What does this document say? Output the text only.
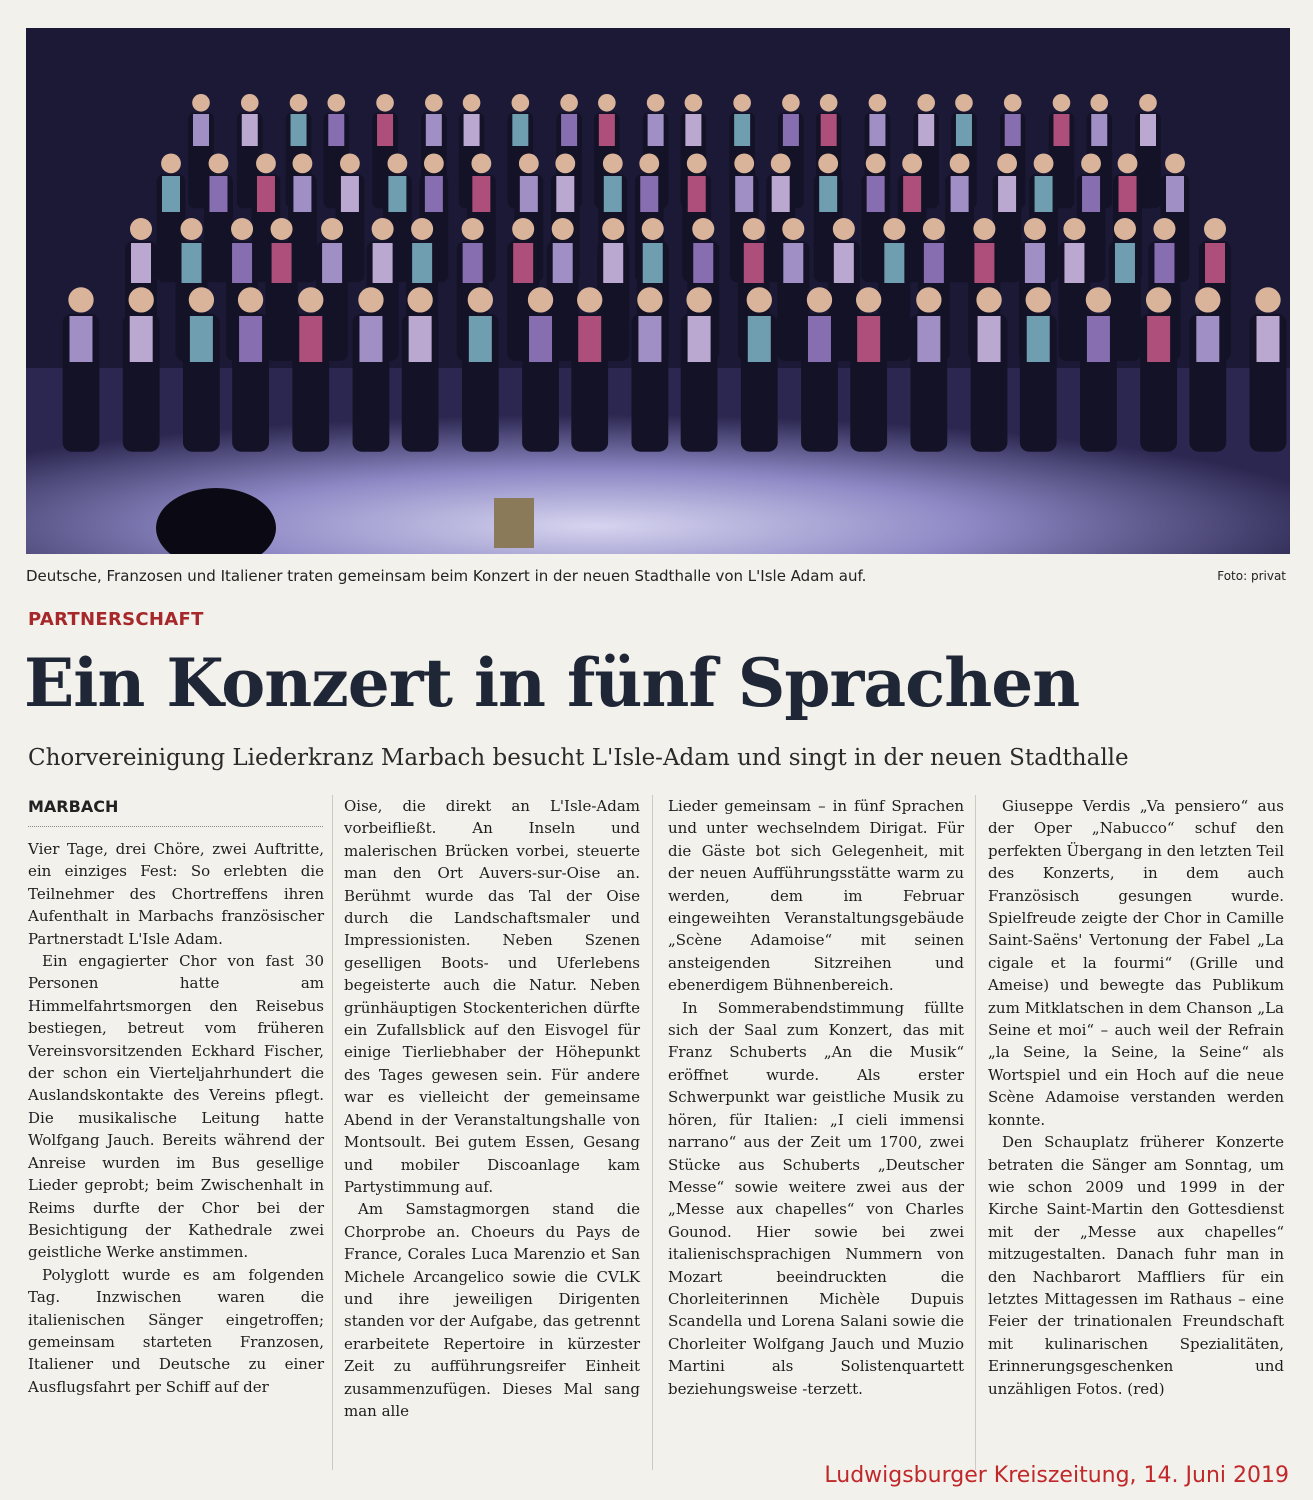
Deutsche, Franzosen und Italiener traten gemeinsam beim Konzert in der neuen Stadthalle von L'Isle Adam auf.	Foto: privat
PARTNERSCHAFT
Ein Konzert in fünf Sprachen
Chorvereinigung Liederkranz Marbach besucht L'Isle-Adam und singt in der neuen Stadthalle
MARBACH

Vier Tage, drei Chöre, zwei Auftritte, ein einziges Fest: So erlebten die Teilnehmer des Chortreffens ihren Aufenthalt in Marbachs französischer Partnerstadt L'Isle Adam.

Ein engagierter Chor von fast 30 Personen hatte am Himmelfahrtsmorgen den Reisebus bestiegen, betreut vom früheren Vereinsvorsitzenden Eckhard Fischer, der schon ein Vierteljahrhundert die Auslandskontakte des Vereins pflegt. Die musikalische Leitung hatte Wolfgang Jauch. Bereits während der Anreise wurden im Bus gesellige Lieder geprobt; beim Zwischenhalt in Reims durfte der Chor bei der Besichtigung der Kathedrale zwei geistliche Werke anstimmen.

Polyglott wurde es am folgenden Tag. Inzwischen waren die italienischen Sänger eingetroffen; gemeinsam starteten Franzosen, Italiener und Deutsche zu einer Ausflugsfahrt per Schiff auf der

Oise, die direkt an L'Isle-Adam vorbeifließt. An Inseln und malerischen Brücken vorbei, steuerte man den Ort Auvers-sur-Oise an. Berühmt wurde das Tal der Oise durch die Landschaftsmaler und Impressionisten. Neben Szenen geselligen Boots- und Uferlebens begeisterte auch die Natur. Neben grünhäuptigen Stockenterichen dürfte ein Zufallsblick auf den Eisvogel für einige Tierliebhaber der Höhepunkt des Tages gewesen sein. Für andere war es vielleicht der gemeinsame Abend in der Veranstaltungshalle von Montsoult. Bei gutem Essen, Gesang und mobiler Discoanlage kam Partystimmung auf.

Am Samstagmorgen stand die Chorprobe an. Choeurs du Pays de France, Corales Luca Marenzio et San Michele Arcangelico sowie die CVLK und ihre jeweiligen Dirigenten standen vor der Aufgabe, das getrennt erarbeitete Repertoire in kürzester Zeit zu aufführungsreifer Einheit zusammenzufügen. Dieses Mal sang man alle

Lieder gemeinsam – in fünf Sprachen und unter wechselndem Dirigat. Für die Gäste bot sich Gelegenheit, mit der neuen Aufführungsstätte warm zu werden, dem im Februar eingeweihten Veranstaltungsgebäude „Scène Adamoise“ mit seinen ansteigenden Sitzreihen und ebenerdigem Bühnenbereich.

In Sommerabendstimmung füllte sich der Saal zum Konzert, das mit Franz Schuberts „An die Musik“ eröffnet wurde. Als erster Schwerpunkt war geistliche Musik zu hören, für Italien: „I cieli immensi narrano“ aus der Zeit um 1700, zwei Stücke aus Schuberts „Deutscher Messe“ sowie weitere zwei aus der „Messe aux chapelles“ von Charles Gounod. Hier sowie bei zwei italienischsprachigen Nummern von Mozart beeindruckten die Chorleiterinnen Michèle Dupuis Scandella und Lorena Salani sowie die Chorleiter Wolfgang Jauch und Muzio Martini als Solistenquartett beziehungsweise -terzett.

Giuseppe Verdis „Va pensiero“ aus der Oper „Nabucco“ schuf den perfekten Übergang in den letzten Teil des Konzerts, in dem auch Französisch gesungen wurde. Spielfreude zeigte der Chor in Camille Saint-Saëns' Vertonung der Fabel „La cigale et la fourmi“ (Grille und Ameise) und bewegte das Publikum zum Mitklatschen in dem Chanson „La Seine et moi“ – auch weil der Refrain „la Seine, la Seine, la Seine“ als Wortspiel und ein Hoch auf die neue Scène Adamoise verstanden werden konnte.

Den Schauplatz früherer Konzerte betraten die Sänger am Sonntag, um wie schon 2009 und 1999 in der Kirche Saint-Martin den Gottesdienst mit der „Messe aux chapelles“ mitzugestalten. Danach fuhr man in den Nachbarort Maffliers für ein letztes Mittagessen im Rathaus – eine Feier der trinationalen Freundschaft mit kulinarischen Spezialitäten, Erinnerungsgeschenken und unzähligen Fotos. (red)

Ludwigsburger Kreiszeitung, 14. Juni 2019
